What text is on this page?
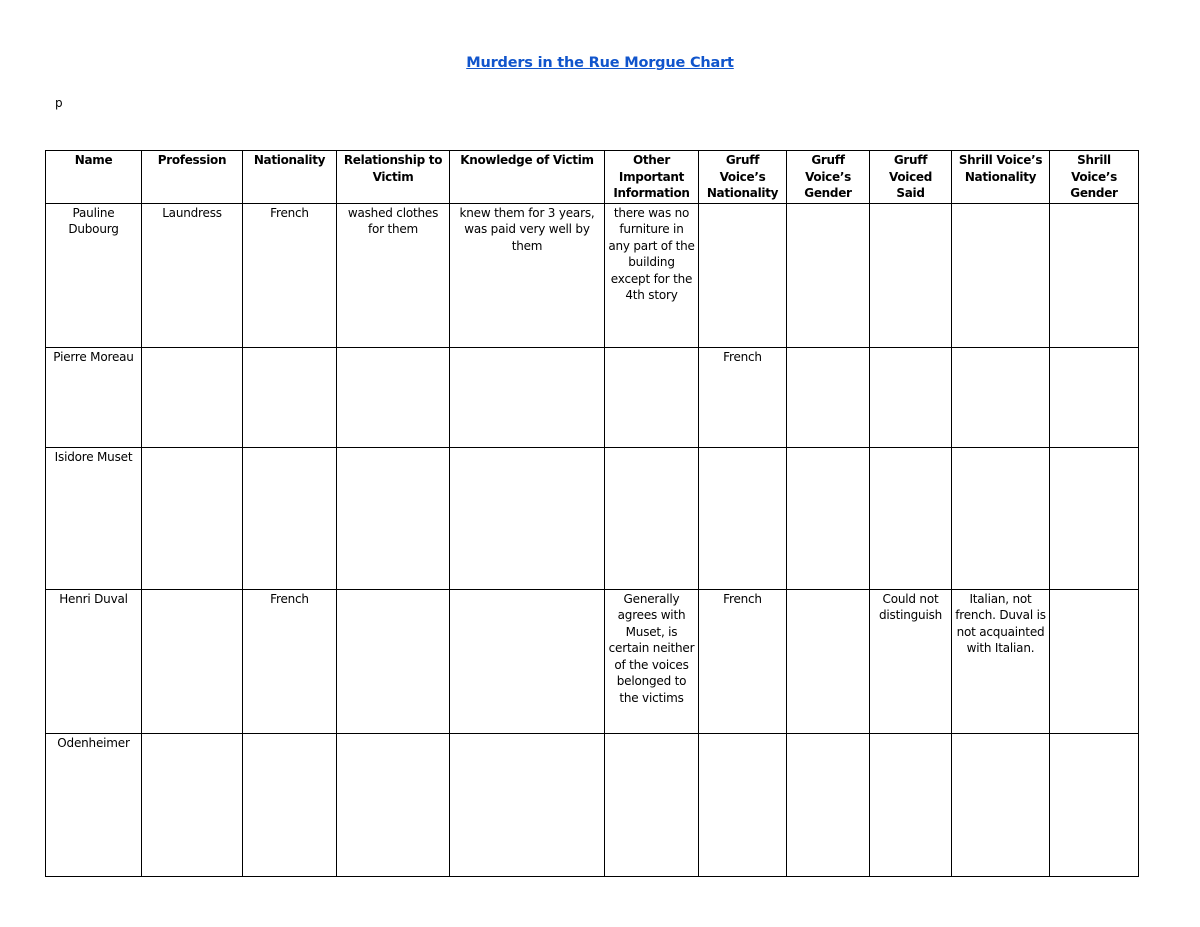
Murders in the Rue Morgue Chart
p
Name	Profession	Nationality	Relationship to Victim	Knowledge of Victim	Other Important Information	Gruff Voice’s Nationality	Gruff Voice’s Gender	Gruff Voiced Said	Shrill Voice’s Nationality	Shrill Voice’s Gender
Pauline Dubourg	Laundress	French	washed clothes for them	knew them for 3 years, was paid very well by them	there was no furniture in any part of the building except for the 4th story					
Pierre Moreau						French				
Isidore Muset										
Henri Duval		French			Generally agrees with Muset, is certain neither of the voices belonged to the victims	French		Could not distinguish	Italian, not french. Duval is not acquainted with Italian.	
Odenheimer										
